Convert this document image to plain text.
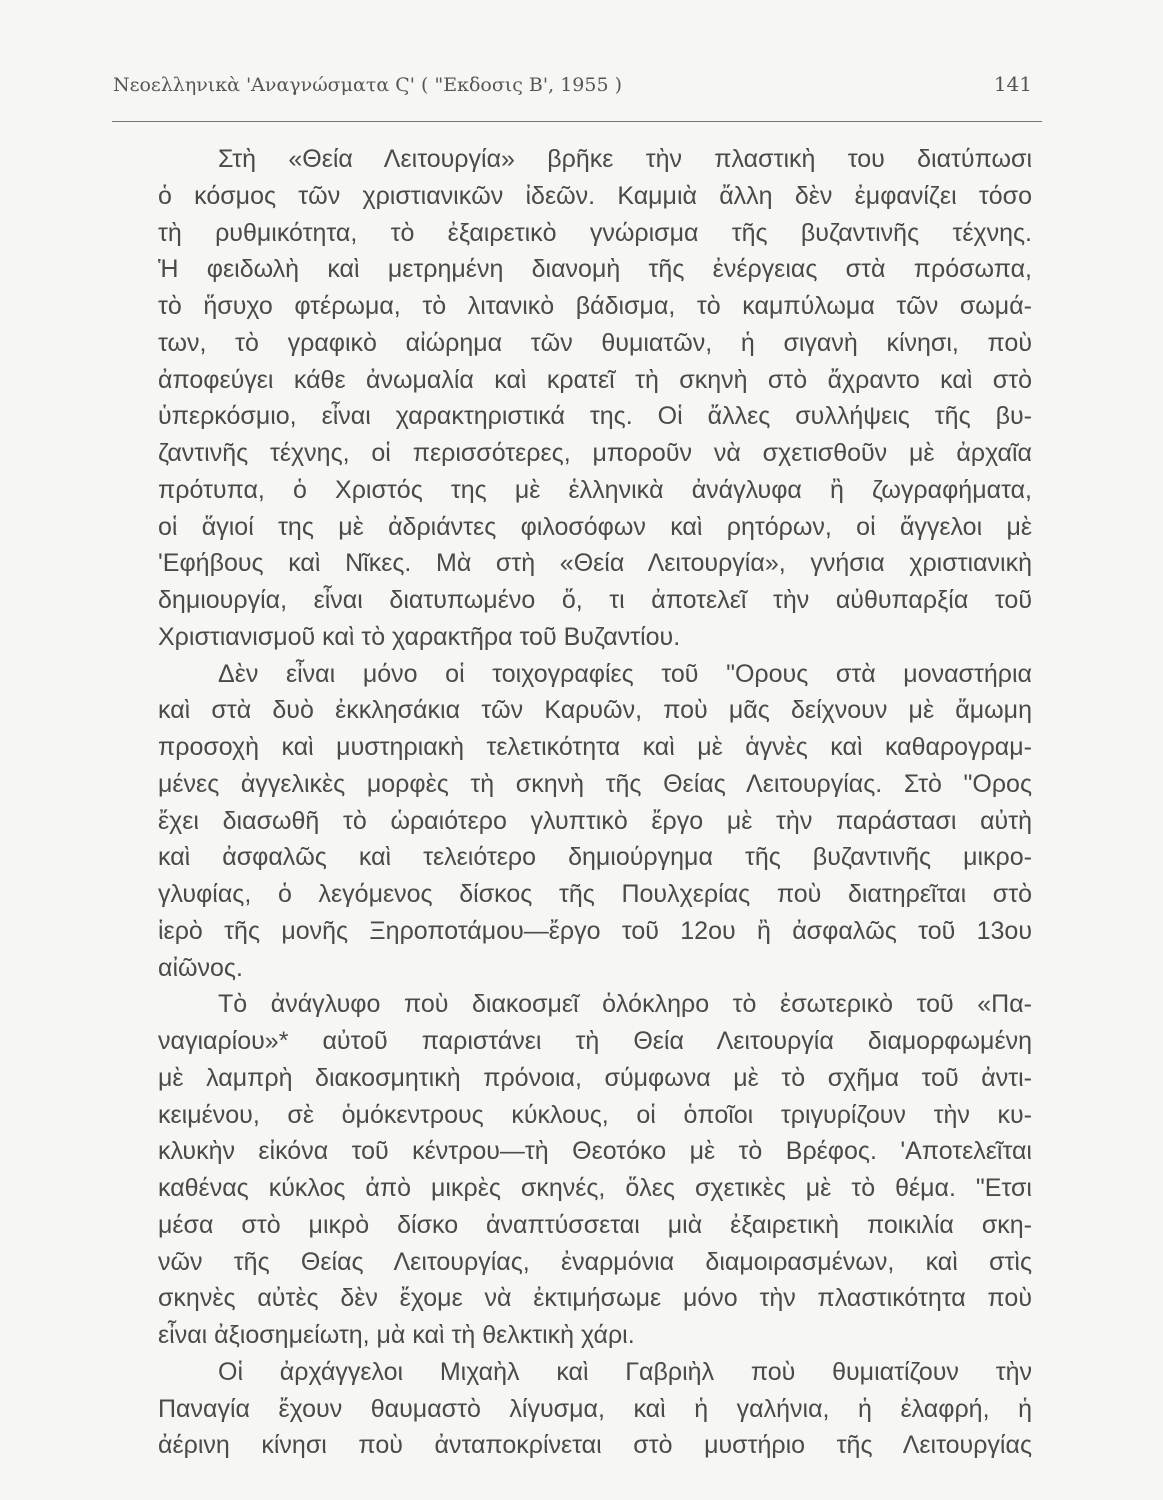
Νεοελληνικὰ 'Αναγνώσματα Ϛ' ( "Εκδοσις Β', 1955 )	141
Στὴ «Θεία Λειτουργία» βρῆκε τὴν πλαστικὴ του διατύπωσι
ὁ κόσμος τῶν χριστιανικῶν ἰδεῶν. Καμμιὰ ἄλλη δὲν ἐμφανίζει τόσο
τὴ ρυθμικότητα, τὸ ἐξαιρετικὸ γνώρισμα τῆς βυζαντινῆς τέχνης.
Ἡ φειδωλὴ καὶ μετρημένη διανομὴ τῆς ἐνέργειας στὰ πρόσωπα,
τὸ ἥσυχο φτέρωμα, τὸ λιτανικὸ βάδισμα, τὸ καμπύλωμα τῶν σωμά-
των, τὸ γραφικὸ αἰώρημα τῶν θυμιατῶν, ἡ σιγανὴ κίνησι, ποὺ
ἀποφεύγει κάθε ἀνωμαλία καὶ κρατεῖ τὴ σκηνὴ στὸ ἄχραντο καὶ στὸ
ὑπερκόσμιο, εἶναι χαρακτηριστικά της. Οἱ ἄλλες συλλήψεις τῆς βυ-
ζαντινῆς τέχνης, οἱ περισσότερες, μποροῦν νὰ σχετισθοῦν μὲ ἀρχαῖα
πρότυπα, ὁ Χριστός της μὲ ἑλληνικὰ ἀνάγλυφα ἢ ζωγραφήματα,
οἱ ἅγιοί της μὲ ἀδριάντες φιλοσόφων καὶ ρητόρων, οἱ ἄγγελοι μὲ
'Εφήβους καὶ Νῖκες. Μὰ στὴ «Θεία Λειτουργία», γνήσια χριστιανικὴ
δημιουργία, εἶναι διατυπωμένο ὅ, τι ἀποτελεῖ τὴν αὐθυπαρξία τοῦ
Χριστιανισμοῦ καὶ τὸ χαρακτῆρα τοῦ Βυζαντίου.
Δὲν εἶναι μόνο οἱ τοιχογραφίες τοῦ "Ορους στὰ μοναστήρια
καὶ στὰ δυὸ ἐκκλησάκια τῶν Καρυῶν, ποὺ μᾶς δείχνουν μὲ ἄμωμη
προσοχὴ καὶ μυστηριακὴ τελετικότητα καὶ μὲ ἁγνὲς καὶ καθαρογραμ-
μένες ἀγγελικὲς μορφὲς τὴ σκηνὴ τῆς Θείας Λειτουργίας. Στὸ "Ορος
ἔχει διασωθῆ τὸ ὡραιότερο γλυπτικὸ ἔργο μὲ τὴν παράστασι αὐτὴ
καὶ ἀσφαλῶς καὶ τελειότερο δημιούργημα τῆς βυζαντινῆς μικρο-
γλυφίας, ὁ λεγόμενος δίσκος τῆς Πουλχερίας ποὺ διατηρεῖται στὸ
ἱερὸ τῆς μονῆς Ξηροποτάμου—ἔργο τοῦ 12ου ἢ ἀσφαλῶς τοῦ 13ου
αἰῶνος.
Τὸ ἀνάγλυφο ποὺ διακοσμεῖ ὁλόκληρο τὸ ἐσωτερικὸ τοῦ «Πα-
ναγιαρίου»* αὐτοῦ παριστάνει τὴ Θεία Λειτουργία διαμορφωμένη
μὲ λαμπρὴ διακοσμητικὴ πρόνοια, σύμφωνα μὲ τὸ σχῆμα τοῦ ἀντι-
κειμένου, σὲ ὁμόκεντρους κύκλους, οἱ ὁποῖοι τριγυρίζουν τὴν κυ-
κλυκὴν εἰκόνα τοῦ κέντρου—τὴ Θεοτόκο μὲ τὸ Βρέφος. 'Αποτελεῖται
καθένας κύκλος ἀπὸ μικρὲς σκηνές, ὅλες σχετικὲς μὲ τὸ θέμα. "Ετσι
μέσα στὸ μικρὸ δίσκο ἀναπτύσσεται μιὰ ἐξαιρετικὴ ποικιλία σκη-
νῶν τῆς Θείας Λειτουργίας, ἐναρμόνια διαμοιρασμένων, καὶ στὶς
σκηνὲς αὐτὲς δὲν ἔχομε νὰ ἐκτιμήσωμε μόνο τὴν πλαστικότητα ποὺ
εἶναι ἀξιοσημείωτη, μὰ καὶ τὴ θελκτικὴ χάρι.
Οἱ ἀρχάγγελοι Μιχαὴλ καὶ Γαβριὴλ ποὺ θυμιατίζουν τὴν
Παναγία ἔχουν θαυμαστὸ λίγυσμα, καὶ ἡ γαλήνια, ἡ ἐλαφρή, ἡ
ἀέρινη κίνησι ποὺ ἀνταποκρίνεται στὸ μυστήριο τῆς Λειτουργίας
